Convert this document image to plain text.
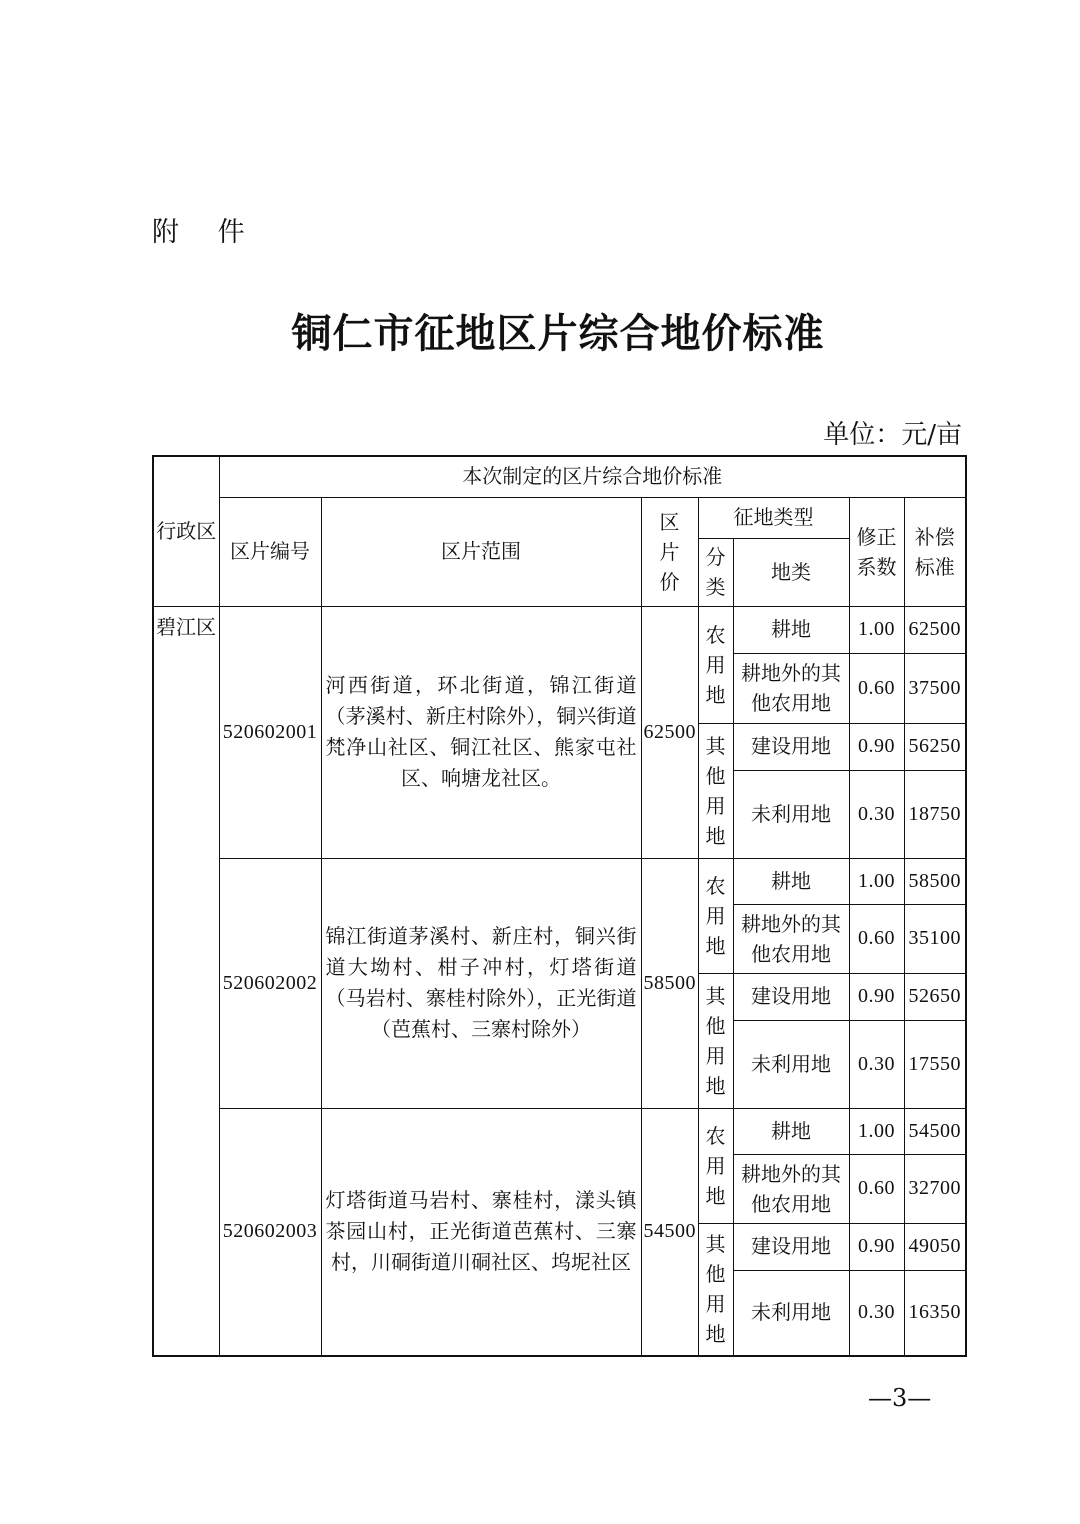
附 件
铜仁市征地区片综合地价标准
单位：元/亩
行政区	本次制定的区片综合地价标准						
	区片编号	区片范围	区片价	征地类型		修正系数	补偿标准
				分类	地类		
碧江区	520602001	河西街道，环北街道，锦江街道（茅溪村、新庄村除外），铜兴街道梵净山社区、铜江社区、熊家屯社区、响塘龙社区。	62500	农用地	耕地	1.00	62500
					耕地外的其他农用地	0.60	37500
				其他用地	建设用地	0.90	56250
					未利用地	0.30	18750
	520602002	锦江街道茅溪村、新庄村，铜兴街道大坳村、柑子冲村，灯塔街道（马岩村、寨桂村除外），正光街道（芭蕉村、三寨村除外）	58500	农用地	耕地	1.00	58500
					耕地外的其他农用地	0.60	35100
				其他用地	建设用地	0.90	52650
					未利用地	0.30	17550
	520602003	灯塔街道马岩村、寨桂村，漾头镇茶园山村，正光街道芭蕉村、三寨村，川硐街道川硐社区、坞坭社区	54500	农用地	耕地	1.00	54500
					耕地外的其他农用地	0.60	32700
				其他用地	建设用地	0.90	49050
					未利用地	0.30	16350
—3—
